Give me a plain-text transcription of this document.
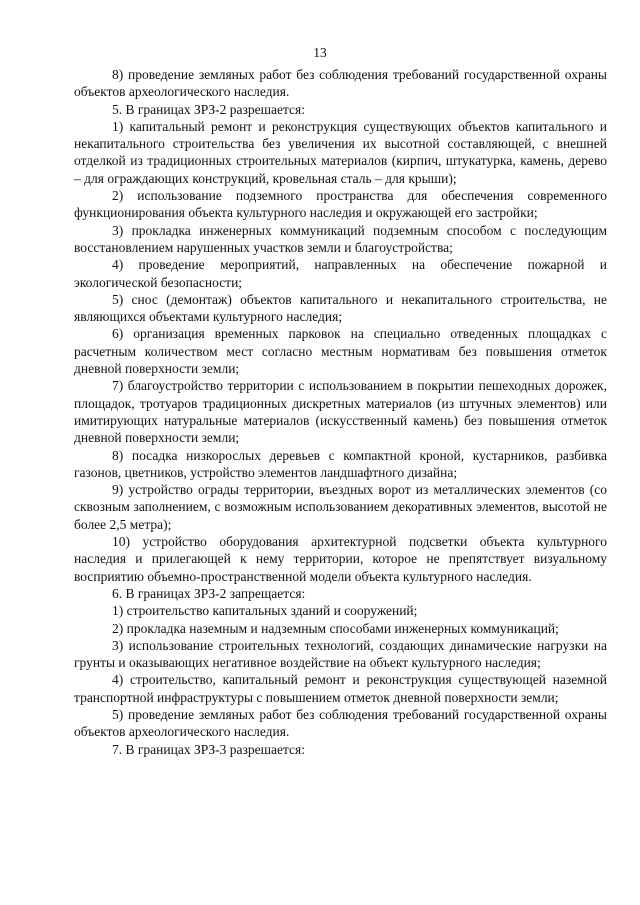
13

8) проведение земляных работ без соблюдения требований государственной охраны объектов археологического наследия.

5. В границах ЗРЗ-2 разрешается:

1) капитальный ремонт и реконструкция существующих объектов капитального и некапитального строительства без увеличения их высотной составляющей, с внешней отделкой из традиционных строительных материалов (кирпич, штукатурка, камень, дерево – для ограждающих конструкций, кровельная сталь – для крыши);

2) использование подземного пространства для обеспечения современного функционирования объекта культурного наследия и окружающей его застройки;

3) прокладка инженерных коммуникаций подземным способом с последующим восстановлением нарушенных участков земли и благоустройства;

4) проведение мероприятий, направленных на обеспечение пожарной и экологической безопасности;

5) снос (демонтаж) объектов капитального и некапитального строительства, не являющихся объектами культурного наследия;

6) организация временных парковок на специально отведенных площадках с расчетным количеством мест согласно местным нормативам без повышения отметок дневной поверхности земли;

7) благоустройство территории с использованием в покрытии пешеходных дорожек, площадок, тротуаров традиционных дискретных материалов (из штучных элементов) или имитирующих натуральные материалов (искусственный камень) без повышения отметок дневной поверхности земли;

8) посадка низкорослых деревьев с компактной кроной, кустарников, разбивка газонов, цветников, устройство элементов ландшафтного дизайна;

9) устройство ограды территории, въездных ворот из металлических элементов (со сквозным заполнением, с возможным использованием декоративных элементов, высотой не более 2,5 метра);

10) устройство оборудования архитектурной подсветки объекта культурного наследия и прилегающей к нему территории, которое не препятствует визуальному восприятию объемно-пространственной модели объекта культурного наследия.

6. В границах ЗРЗ-2 запрещается:

1) строительство капитальных зданий и сооружений;

2) прокладка наземным и надземным способами инженерных коммуникаций;

3) использование строительных технологий, создающих динамические нагрузки на грунты и оказывающих негативное воздействие на объект культурного наследия;

4) строительство, капитальный ремонт и реконструкция существующей наземной транспортной инфраструктуры с повышением отметок дневной поверхности земли;

5) проведение земляных работ без соблюдения требований государственной охраны объектов археологического наследия.

7. В границах ЗРЗ-3 разрешается:
